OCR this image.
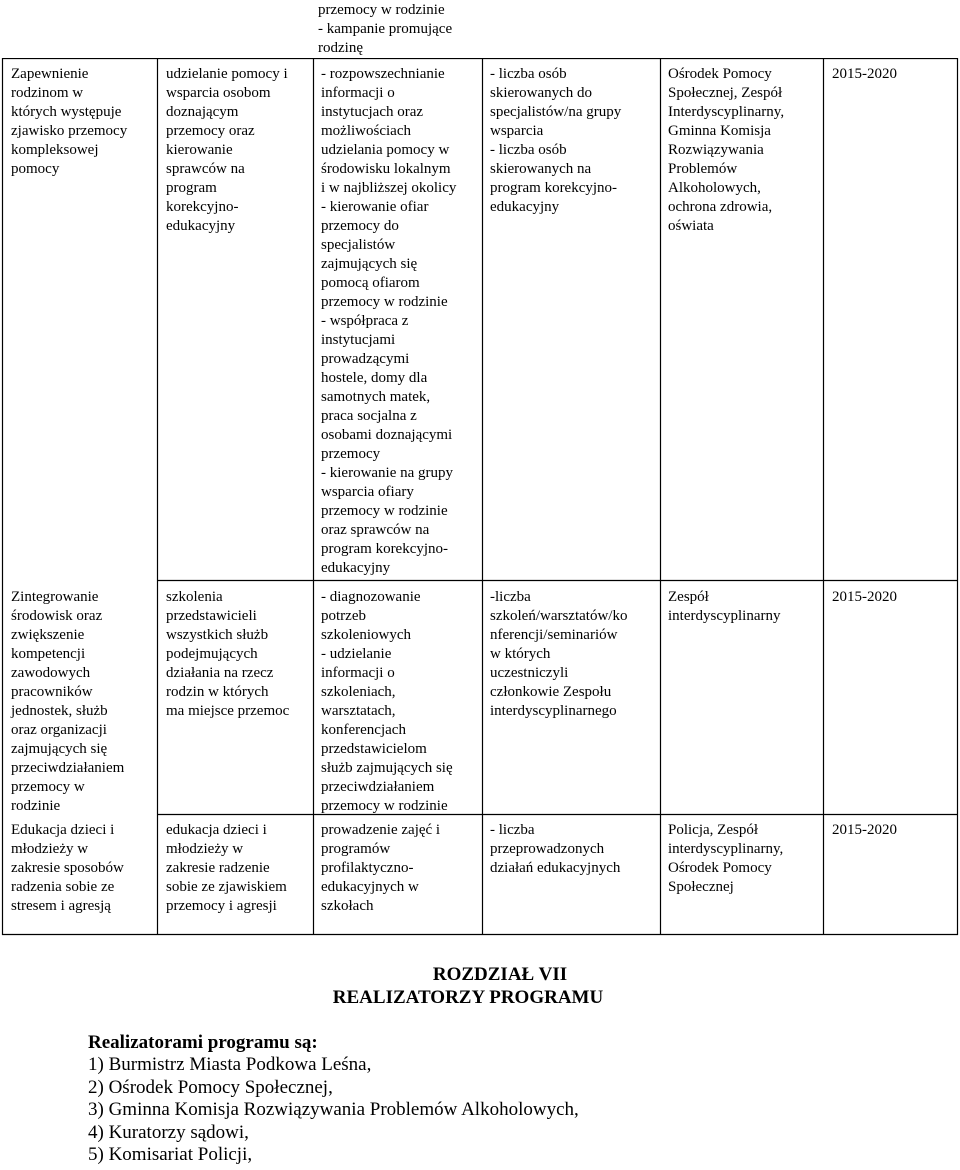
przemocy w rodzinie
- kampanie promujące
rodzinę
Zapewnienie
rodzinom w
których występuje
zjawisko przemocy
kompleksowej
pomocy
udzielanie pomocy i
wsparcia osobom
doznającym
przemocy oraz
kierowanie
sprawców na
program
korekcyjno-
edukacyjny
- rozpowszechnianie
informacji o
instytucjach oraz
możliwościach
udzielania pomocy w
środowisku lokalnym
i w najbliższej okolicy
- kierowanie ofiar
przemocy do
specjalistów
zajmujących się
pomocą ofiarom
przemocy w rodzinie
- współpraca z
instytucjami
prowadzącymi
hostele, domy dla
samotnych matek,
praca socjalna z
osobami doznającymi
przemocy
- kierowanie na grupy
wsparcia ofiary
przemocy w rodzinie
oraz sprawców na
program korekcyjno-
edukacyjny
- liczba osób
skierowanych do
specjalistów/na grupy
wsparcia
- liczba osób
skierowanych na
program korekcyjno-
edukacyjny
Ośrodek Pomocy
Społecznej, Zespół
Interdyscyplinarny,
Gminna Komisja
Rozwiązywania
Problemów
Alkoholowych,
ochrona zdrowia,
oświata
2015-2020
Zintegrowanie
środowisk oraz
zwiększenie
kompetencji
zawodowych
pracowników
jednostek, służb
oraz organizacji
zajmujących się
przeciwdziałaniem
przemocy w
rodzinie
szkolenia
przedstawicieli
wszystkich służb
podejmujących
działania na rzecz
rodzin w których
ma miejsce przemoc
- diagnozowanie
potrzeb
szkoleniowych
- udzielanie
informacji o
szkoleniach,
warsztatach,
konferencjach
przedstawicielom
służb zajmujących się
przeciwdziałaniem
przemocy w rodzinie
-liczba
szkoleń/warsztatów/ko
nferencji/seminariów
w których
uczestniczyli
członkowie Zespołu
interdyscyplinarnego
Zespół
interdyscyplinarny
2015-2020
Edukacja dzieci i
młodzieży w
zakresie sposobów
radzenia sobie ze
stresem i agresją
edukacja dzieci i
młodzieży w
zakresie radzenie
sobie ze zjawiskiem
przemocy i agresji
prowadzenie zajęć i
programów
profilaktyczno-
edukacyjnych w
szkołach
- liczba
przeprowadzonych
działań edukacyjnych
Policja, Zespół
interdyscyplinarny,
Ośrodek Pomocy
Społecznej
2015-2020
ROZDZIAŁ VII
REALIZATORZY PROGRAMU
Realizatorami programu są:
1) Burmistrz Miasta Podkowa Leśna,
2) Ośrodek Pomocy Społecznej,
3) Gminna Komisja Rozwiązywania Problemów Alkoholowych,
4) Kuratorzy sądowi,
5) Komisariat Policji,
